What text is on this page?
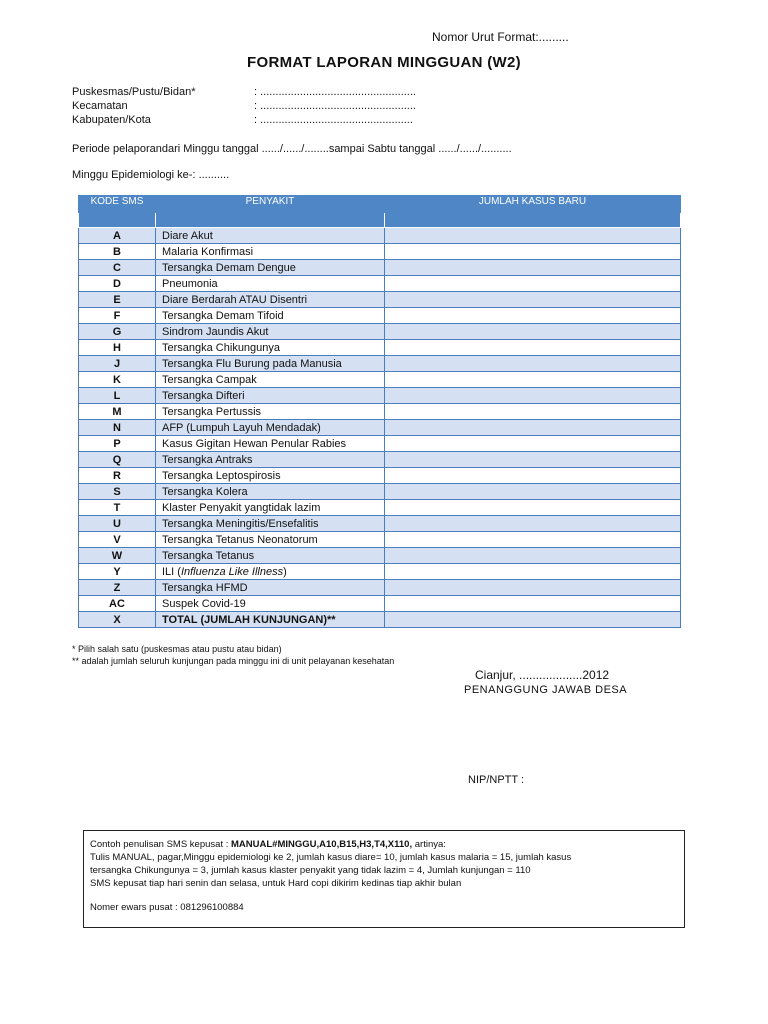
Nomor Urut Format:.........
FORMAT LAPORAN MINGGUAN (W2)
Puskesmas/Pustu/Bidan*	: ...................................................
Kecamatan	: ...................................................
Kabupaten/Kota	: ..................................................
Periode pelaporandari Minggu tanggal ....../....../........sampai Sabtu tanggal ....../....../..........
Minggu Epidemiologi ke-: ..........
KODE SMS	PENYAKIT	JUMLAH KASUS BARU

A	Diare Akut	
B	Malaria Konfirmasi	
C	Tersangka Demam Dengue	
D	Pneumonia	
E	Diare Berdarah ATAU Disentri	
F	Tersangka Demam Tifoid	
G	Sindrom Jaundis Akut	
H	Tersangka Chikungunya	
J	Tersangka Flu Burung pada Manusia	
K	Tersangka Campak	
L	Tersangka Difteri	
M	Tersangka Pertussis	
N	AFP (Lumpuh Layuh Mendadak)	
P	Kasus Gigitan Hewan Penular Rabies	
Q	Tersangka Antraks	
R	Tersangka Leptospirosis	
S	Tersangka Kolera	
T	Klaster Penyakit yangtidak lazim	
U	Tersangka Meningitis/Ensefalitis	
V	Tersangka Tetanus Neonatorum	
W	Tersangka Tetanus	
Y	ILI (Influenza Like Illness)	
Z	Tersangka HFMD	
AC	Suspek Covid-19	
X	TOTAL (JUMLAH KUNJUNGAN)**	
* Pilih salah satu (puskesmas atau pustu atau bidan)
** adalah jumlah seluruh kunjungan pada minggu ini di unit pelayanan kesehatan
Cianjur, ...................2012
PENANGGUNG JAWAB DESA
NIP/NPTT :
Contoh penulisan SMS kepusat : MANUAL#MINGGU,A10,B15,H3,T4,X110, artinya:
Tulis MANUAL, pagar,Minggu epidemiologi ke 2, jumlah kasus diare= 10, jumlah kasus malaria = 15, jumlah kasus
tersangka Chikungunya = 3, jumlah kasus klaster penyakit yang tidak lazim = 4, Jumlah kunjungan = 110
SMS kepusat tiap hari senin dan selasa, untuk Hard copi dikirim kedinas tiap akhir bulan
Nomer ewars pusat : 081296100884
